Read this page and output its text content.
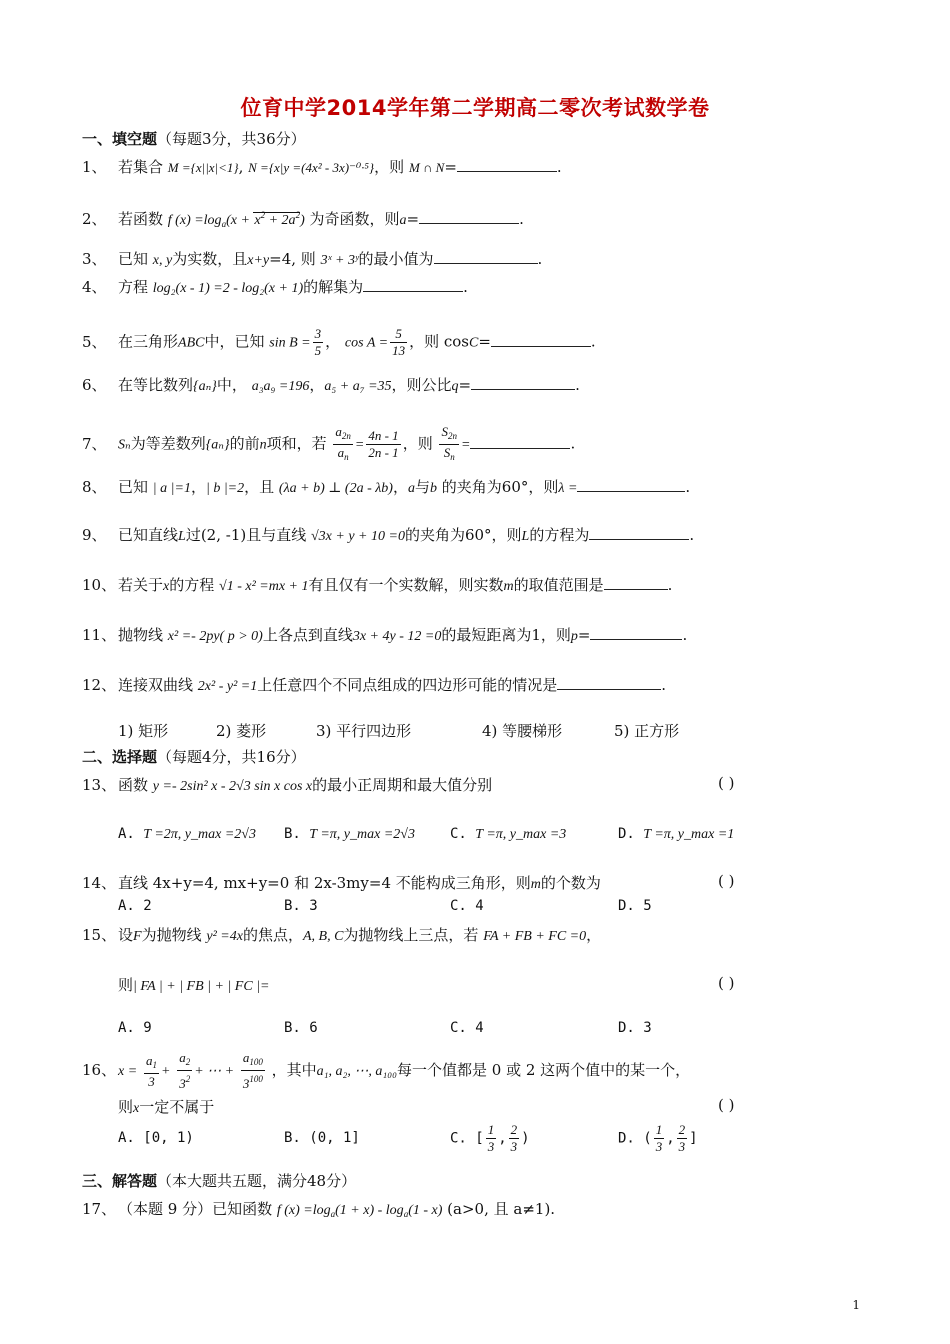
位育中学2014学年第二学期高二零次考试数学卷
一、填空题（每题3分，共36分）
1、 若集合 M ={x||x|<1}, N ={x|y =(4x² - 3x)⁻⁰·⁵}，则 M ∩ N=	.
2、 若函数 f $(x) =\log_a(x + x^2 + 2a^2)$ 为奇函数，则a=	.
3、 已知 x, y为实数，且x+y=4, 则 3ˣ + 3ʸ的最小值为	.
4、 方程 log₂(x - 1) =2 - log₂(x + 1)的解集为	.
5、 在三角形ABC中，已知 $\sin B = \frac{3}{5}$ ， $\cos A = \frac{5}{13}$ ，则 cosC=	.
6、 在等比数列{aₙ}中， a₃a₉ =196，a₅ + a₇ =35，则公比q=	.
7、 Sₙ为等差数列{aₙ}的前n项和，若 $\frac{a_{2n}}{a_n} = \frac{4n - 1}{2n - 1}$ ，则 $\frac{S_{2n}}{S_n}$ =	.
8、 已知 | a |=1，| b |=2，且 (λa + b) ⊥ (2a - λb)，a与b 的夹角为60°，则λ =	.
9、 已知直线L过(2, -1)且与直线 √3x + y + 10 =0的夹角为60°，则L的方程为	.
10、 若关于x的方程 √1 - x² =mx + 1有且仅有一个实数解，则实数m的取值范围是	.
11、 抛物线 x² =- 2py( p > 0)上各点到直线3x + 4y - 12 =0的最短距离为1，则p=	.
12、 连接双曲线 2x² - y² =1上任意四个不同点组成的四边形可能的情况是	.
1) 矩形	2) 菱形	3) 平行四边形	4) 等腰梯形	5) 正方形
二、选择题（每题4分，共16分）
13、 函数 y =- 2sin² x - 2√3 sin x cos x的最小正周期和最大值分别	( )
A. T =2π, y_max =2√3 B. T =π, y_max =2√3	C. T =π, y_max =3	D. T =π, y_max =1
14、 直线 4x+y=4, mx+y=0 和 2x-3my=4 不能构成三角形，则m的个数为	( )
A. 2	B. 3	C. 4	D. 5
15、 设F为抛物线 y² =4x的焦点，A, B, C为抛物线上三点，若 FA + FB + FC =0，
则| FA | + | FB | + | FC |=	( )
A. 9	B. 6	C. 4	D. 3
16、 $x = \frac{a_1}{3} + \frac{a_2}{3^2}$ + ⋯ + $\frac{a_{100}}{3^{100}}$ ，其中a₁, a₂, ⋯, a₁₀₀每一个值都是 0 或 2 这两个值中的某一个，
则x一定不属于	( )
A. [0, 1)	B. (0, 1]	C. [ $\frac{1}{3}$ , $\frac{2}{3}$ )	D. ( $\frac{1}{3}$ , $\frac{2}{3}$ ]
三、解答题（本大题共五题，满分48分）
17、 （本题 9 分）已知函数 f $(x) =\log_a(1 + x) - \log_a(1 - x)$ (a>0, 且 a≠1).
1
